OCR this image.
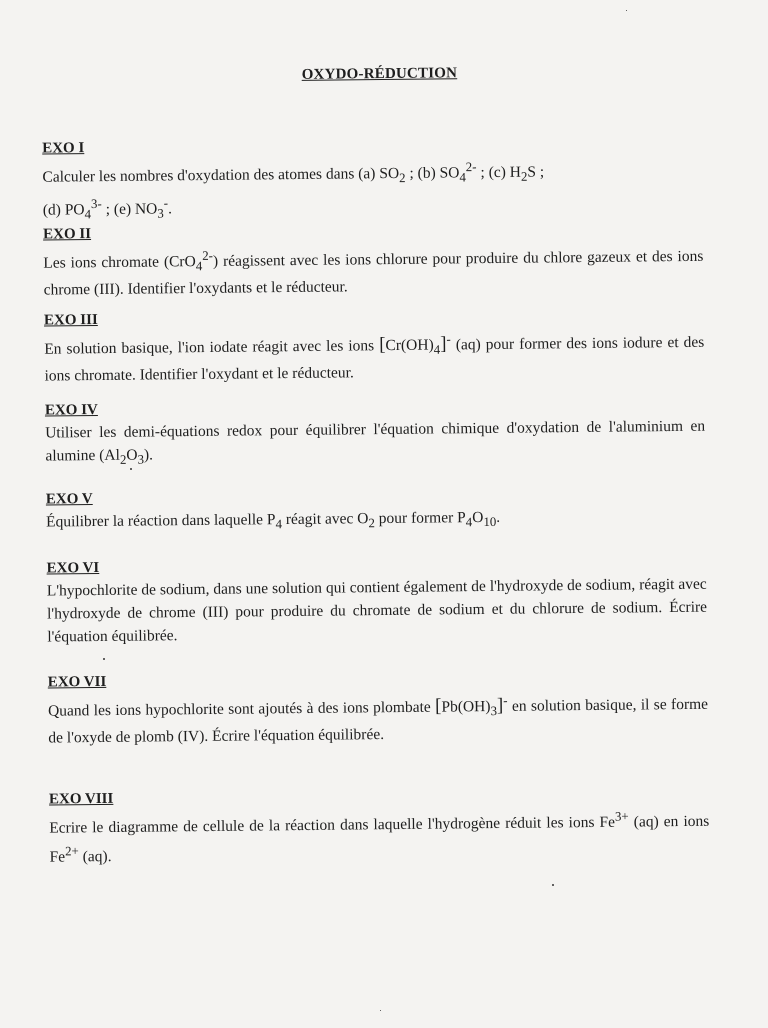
OXYDO-RÉDUCTION
EXO I

Calculer les nombres d'oxydation des atomes dans (a) $SO_2$ ; (b) $SO_4^{2-}$ ; (c) $H_2S$ ;
(d) $PO_4^{3-}$ ; (e) $NO_3^-$.

EXO II

Les ions chromate (CrO$_4^{2-}$) réagissent avec les ions chlorure pour produire du chlore gazeux et des ions chrome (III). Identifier l'oxydants et le réducteur.

EXO III

En solution basique, l'ion iodate réagit avec les ions $[Cr(OH)_4]^-$ (aq) pour former des ions iodure et des ions chromate. Identifier l'oxydant et le réducteur.

EXO IV

Utiliser les demi-équations redox pour équilibrer l'équation chimique d'oxydation de l'aluminium en alumine $(Al_2O_3)$.

EXO V

Équilibrer la réaction dans laquelle $P_4$ réagit avec $O_2$ pour former $P_4O_{10}$.

EXO VI

L'hypochlorite de sodium, dans une solution qui contient également de l'hydroxyde de sodium, réagit avec l'hydroxyde de chrome (III) pour produire du chromate de sodium et du chlorure de sodium. Écrire l'équation équilibrée.

EXO VII

Quand les ions hypochlorite sont ajoutés à des ions plombate $[Pb(OH)_3]^-$ en solution basique, il se forme de l'oxyde de plomb (IV). Écrire l'équation équilibrée.

EXO VIII

Ecrire le diagramme de cellule de la réaction dans laquelle l'hydrogène réduit les ions $Fe^{3+}$ (aq) en ions $Fe^{2+}$ (aq).
